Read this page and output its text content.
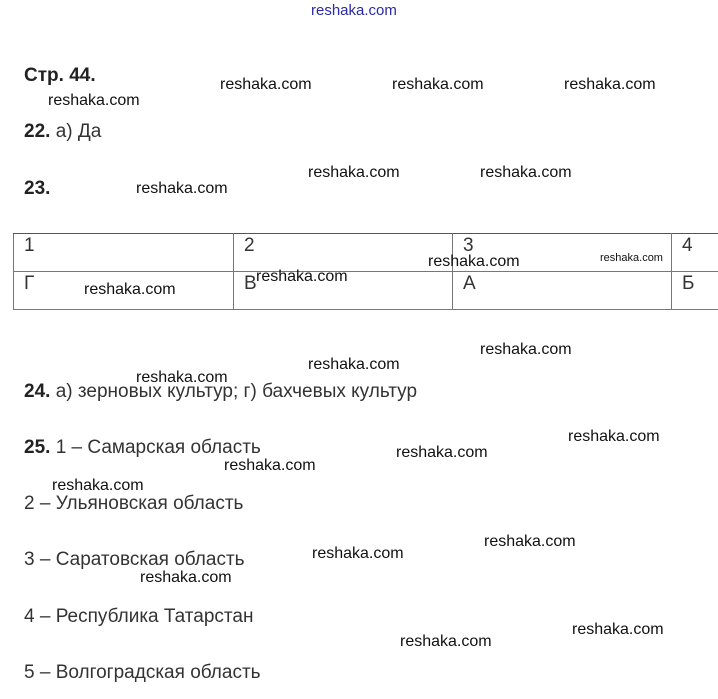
reshaka.com
Стр. 44.
22. а) Да
23.
1	2	3	4
Г	В	А	Б
24. а) зерновых культур; г) бахчевых культур
25. 1 – Самарская область
2 – Ульяновская область
3 – Саратовская область
4 – Республика Татарстан
5 – Волгоградская область
reshaka.com
reshaka.com	reshaka.com	reshaka.com
reshaka.com
reshaka.com	reshaka.com
reshaka.com	reshaka.com
reshaka.com
reshaka.com
reshaka.com
reshaka.com
reshaka.com
reshaka.com
reshaka.com
reshaka.com
reshaka.com
reshaka.com
reshaka.com
reshaka.com
reshaka.com
reshaka.com
